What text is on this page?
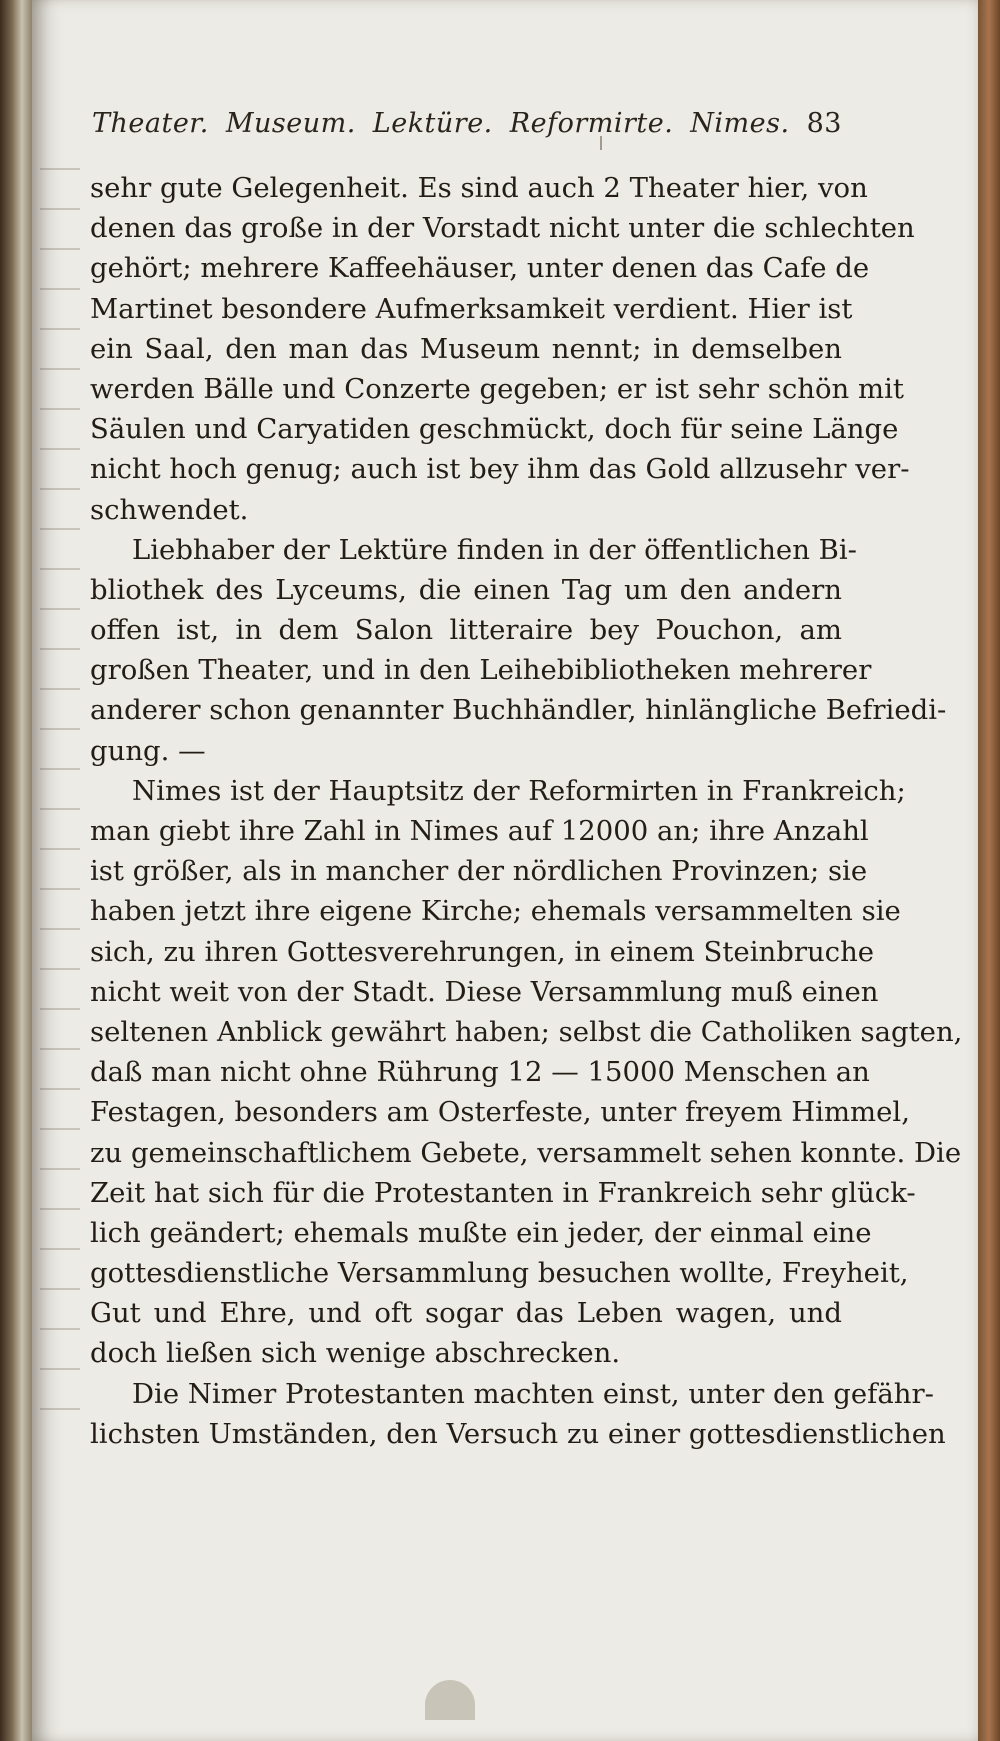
Theater. Museum. Lektüre. Reformirte. Nimes. 83
sehr gute Gelegenheit. Es sind auch 2 Theater hier, von
denen das große in der Vorstadt nicht unter die schlechten
gehört; mehrere Kaffeehäuser, unter denen das Cafe de
Martinet besondere Aufmerksamkeit verdient. Hier ist
ein Saal, den man das Museum nennt; in demselben
werden Bälle und Conzerte gegeben; er ist sehr schön mit
Säulen und Caryatiden geschmückt, doch für seine Länge
nicht hoch genug; auch ist bey ihm das Gold allzusehr ver-
schwendet.
Liebhaber der Lektüre finden in der öffentlichen Bi-
bliothek des Lyceums, die einen Tag um den andern
offen ist, in dem Salon litteraire bey Pouchon, am
großen Theater, und in den Leihebibliotheken mehrerer
anderer schon genannter Buchhändler, hinlängliche Befriedi-
gung. —
Nimes ist der Hauptsitz der Reformirten in Frankreich;
man giebt ihre Zahl in Nimes auf 12000 an; ihre Anzahl
ist größer, als in mancher der nördlichen Provinzen; sie
haben jetzt ihre eigene Kirche; ehemals versammelten sie
sich, zu ihren Gottesverehrungen, in einem Steinbruche
nicht weit von der Stadt. Diese Versammlung muß einen
seltenen Anblick gewährt haben; selbst die Catholiken sagten,
daß man nicht ohne Rührung 12 — 15000 Menschen an
Festagen, besonders am Osterfeste, unter freyem Himmel,
zu gemeinschaftlichem Gebete, versammelt sehen konnte. Die
Zeit hat sich für die Protestanten in Frankreich sehr glück-
lich geändert; ehemals mußte ein jeder, der einmal eine
gottesdienstliche Versammlung besuchen wollte, Freyheit,
Gut und Ehre, und oft sogar das Leben wagen, und
doch ließen sich wenige abschrecken.
Die Nimer Protestanten machten einst, unter den gefähr-
lichsten Umständen, den Versuch zu einer gottesdienstlichen
